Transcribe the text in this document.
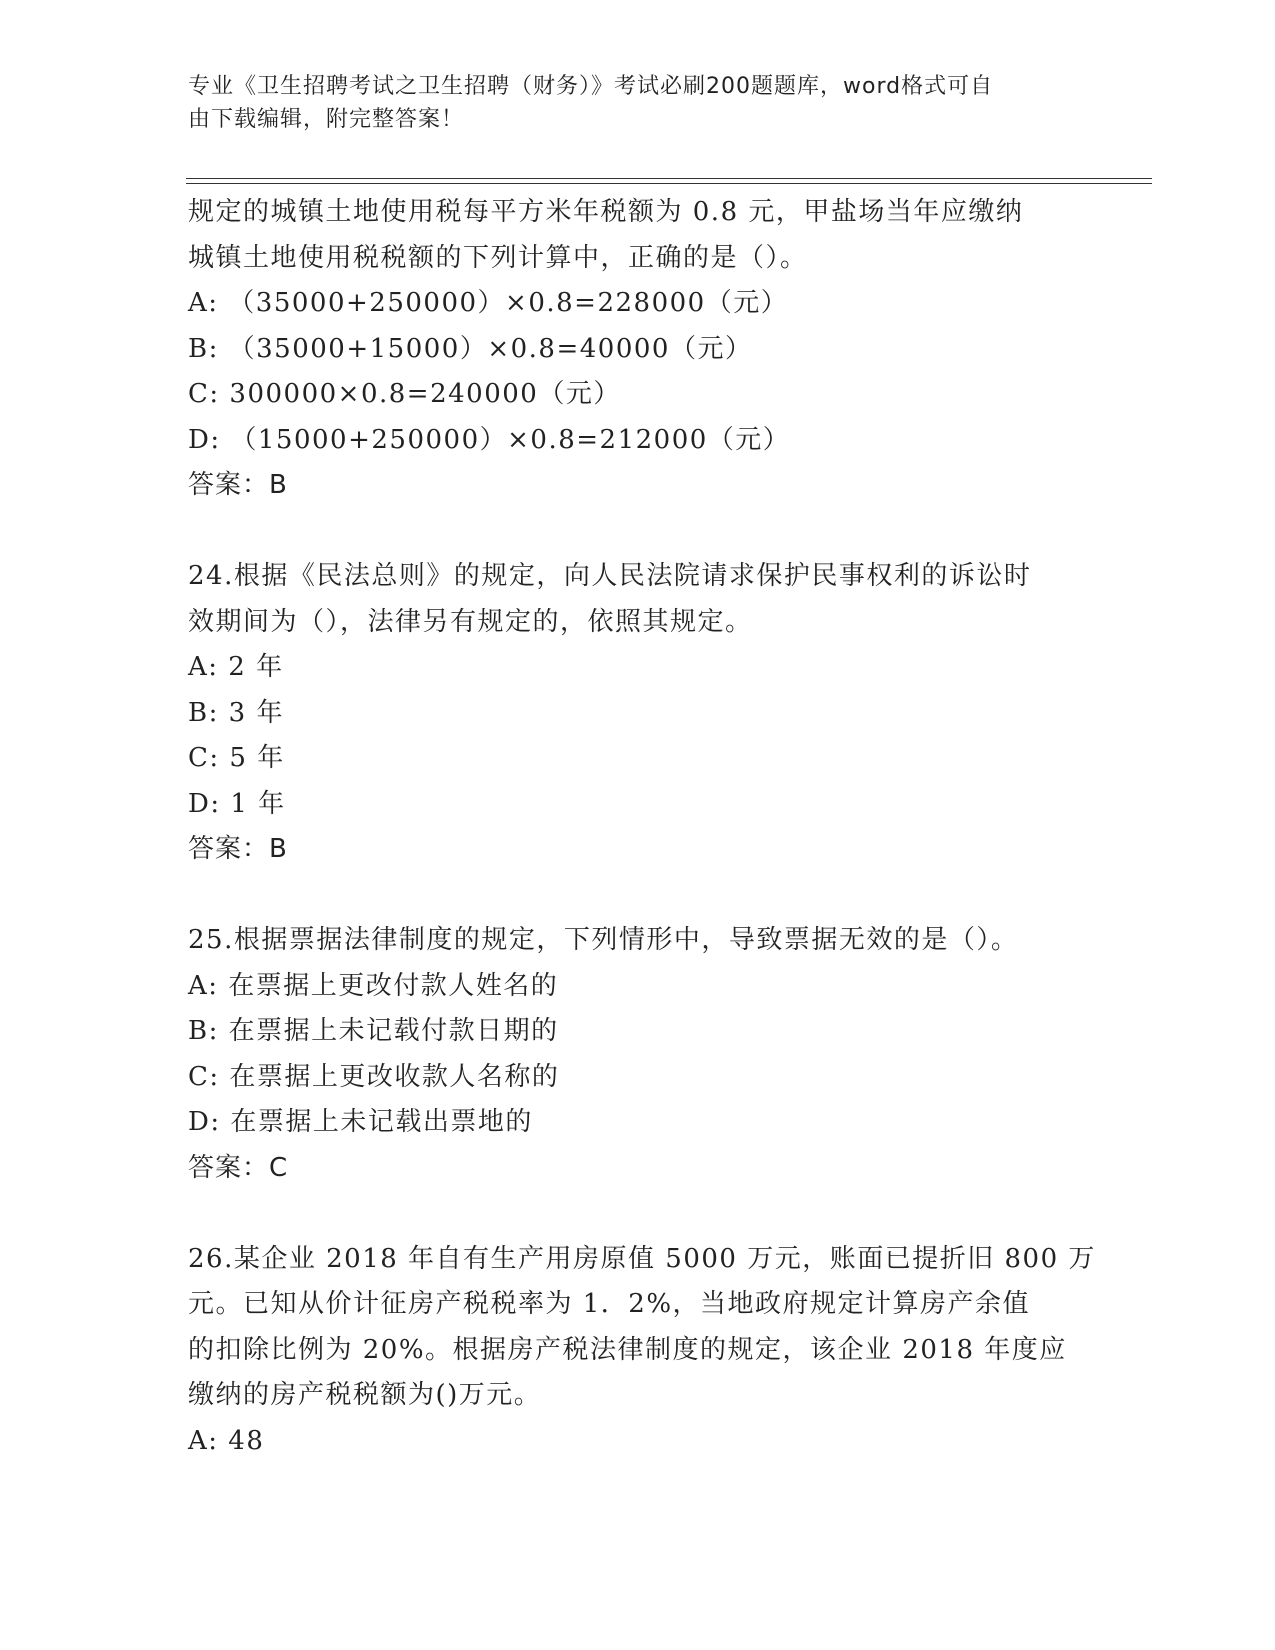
专业《卫生招聘考试之卫生招聘（财务）》考试必刷200题题库，word格式可自
由下载编辑，附完整答案！
规定的城镇土地使用税每平方米年税额为 0.8 元，甲盐场当年应缴纳
城镇土地使用税税额的下列计算中，正确的是（）。
A: （35000+250000）×0.8=228000（元）
B: （35000+15000）×0.8=40000（元）
C: 300000×0.8=240000（元）
D: （15000+250000）×0.8=212000（元）
答案：B
24.根据《民法总则》的规定，向人民法院请求保护民事权利的诉讼时
效期间为（），法律另有规定的，依照其规定。
A: 2 年
B: 3 年
C: 5 年
D: 1 年
答案：B
25.根据票据法律制度的规定，下列情形中，导致票据无效的是（）。
A: 在票据上更改付款人姓名的
B: 在票据上未记载付款日期的
C: 在票据上更改收款人名称的
D: 在票据上未记载出票地的
答案：C
26.某企业 2018 年自有生产用房原值 5000 万元，账面已提折旧 800 万
元。已知从价计征房产税税率为 1．2%，当地政府规定计算房产余值
的扣除比例为 20%。根据房产税法律制度的规定，该企业 2018 年度应
缴纳的房产税税额为()万元。
A: 48
